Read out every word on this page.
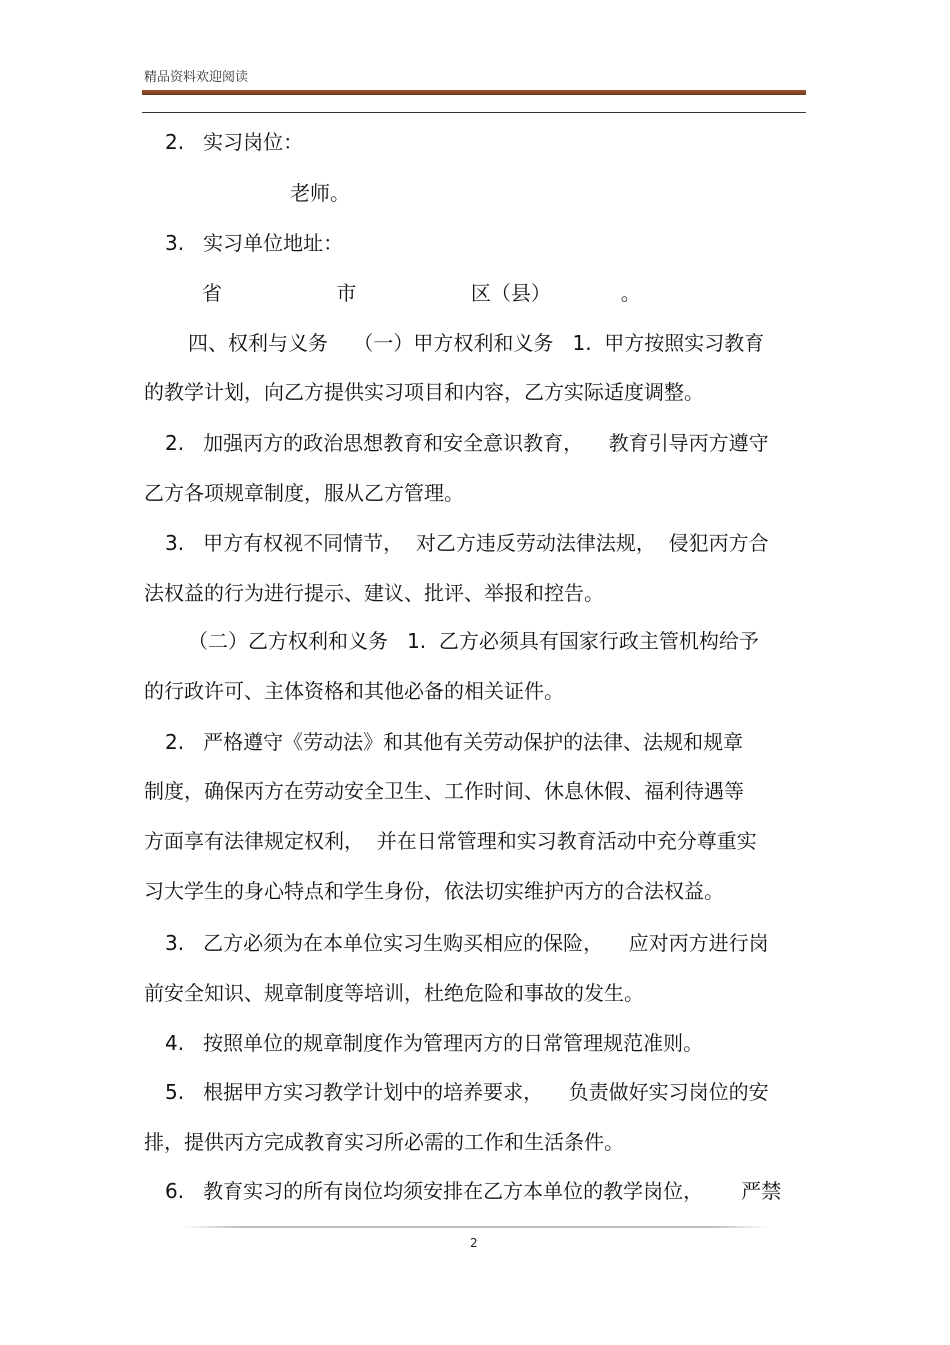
精品资料欢迎阅读
2.   实习岗位：
老师。
3.   实习单位地址：
省                  市                  区（县）           。
四、权利与义务    （一）甲方权利和义务   1.  甲方按照实习教育
的教学计划，向乙方提供实习项目和内容，乙方实际适度调整。
2.   加强丙方的政治思想教育和安全意识教育，    教育引导丙方遵守
乙方各项规章制度，服从乙方管理。
3.   甲方有权视不同情节，  对乙方违反劳动法律法规，  侵犯丙方合
法权益的行为进行提示、建议、批评、举报和控告。
（二）乙方权利和义务   1.  乙方必须具有国家行政主管机构给予
的行政许可、主体资格和其他必备的相关证件。
2.   严格遵守《劳动法》和其他有关劳动保护的法律、法规和规章
制度，确保丙方在劳动安全卫生、工作时间、休息休假、福利待遇等
方面享有法律规定权利，  并在日常管理和实习教育活动中充分尊重实
习大学生的身心特点和学生身份，依法切实维护丙方的合法权益。
3.   乙方必须为在本单位实习生购买相应的保险，    应对丙方进行岗
前安全知识、规章制度等培训，杜绝危险和事故的发生。
4.   按照单位的规章制度作为管理丙方的日常管理规范准则。
5.   根据甲方实习教学计划中的培养要求，    负责做好实习岗位的安
排，提供丙方完成教育实习所必需的工作和生活条件。
6.   教育实习的所有岗位均须安排在乙方本单位的教学岗位，      严禁
2
